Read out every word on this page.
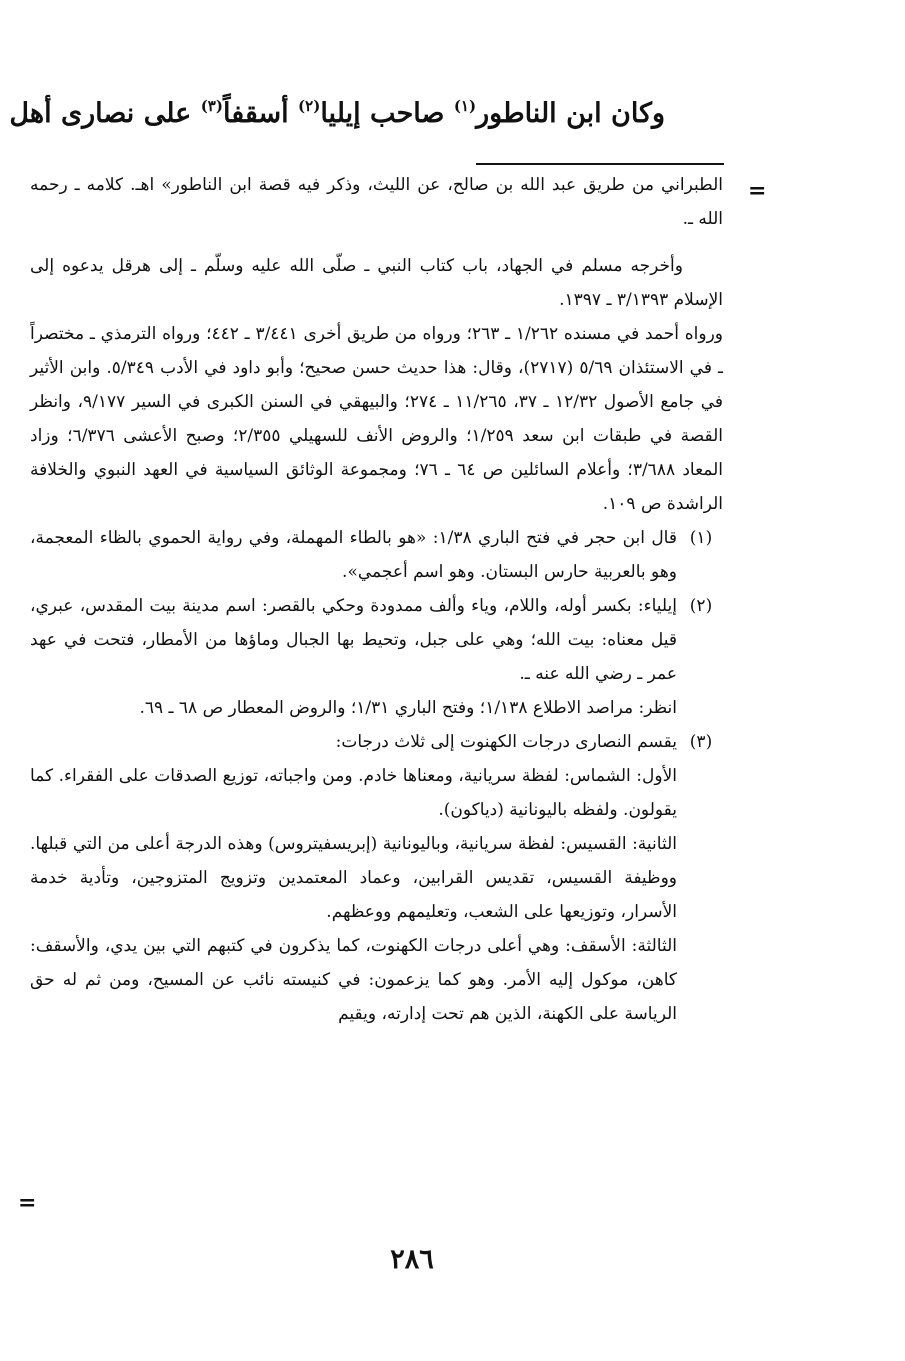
وكان ابن الناطور$^{(١)}$ صاحب إيليا$^{(٢)}$ أسقفاً$^{(٣)}$ على نصارى أهل
=

الطبراني من طريق عبد الله بن صالح، عن الليث، وذكر فيه قصة ابن الناطور» اهـ. كلامه ـ رحمه الله ـ.

وأخرجه مسلم في الجهاد، باب كتاب النبي ـ صلّى الله عليه وسلّم ـ إلى هرقل يدعوه إلى الإسلام ٣/١٣٩٣ ـ ١٣٩٧.

ورواه أحمد في مسنده ١/٢٦٢ ـ ٢٦٣؛ ورواه من طريق أخرى ٣/٤٤١ ـ ٤٤٢؛ ورواه الترمذي ـ مختصراً ـ في الاستئذان ٥/٦٩ (٢٧١٧)، وقال: هذا حديث حسن صحيح؛ وأبو داود في الأدب ٥/٣٤٩. وابن الأثير في جامع الأصول ١٢/٣٢ ـ ٣٧، ١١/٢٦٥ ـ ٢٧٤؛ والبيهقي في السنن الكبرى في السير ٩/١٧٧، وانظر القصة في طبقات ابن سعد ١/٢٥٩؛ والروض الأنف للسهيلي ٢/٣٥٥؛ وصبح الأعشى ٦/٣٧٦؛ وزاد المعاد ٣/٦٨٨؛ وأعلام السائلين ص ٦٤ ـ ٧٦؛ ومجموعة الوثائق السياسية في العهد النبوي والخلافة الراشدة ص ١٠٩.

(١)

قال ابن حجر في فتح الباري ١/٣٨: «هو بالطاء المهملة، وفي رواية الحموي بالظاء المعجمة، وهو بالعربية حارس البستان. وهو اسم أعجمي».

(٢)

إيلياء: بكسر أوله، واللام، وياء وألف ممدودة وحكي بالقصر: اسم مدينة بيت المقدس، عبري، قيل معناه: بيت الله؛ وهي على جبل، وتحيط بها الجبال وماؤها من الأمطار، فتحت في عهد عمر ـ رضي الله عنه ـ.

انظر: مراصد الاطلاع ١/١٣٨؛ وفتح الباري ١/٣١؛ والروض المعطار ص ٦٨ ـ ٦٩.

(٣)

يقسم النصارى درجات الكهنوت إلى ثلاث درجات:

الأول: الشماس: لفظة سريانية، ومعناها خادم. ومن واجباته، توزيع الصدقات على الفقراء. كما يقولون. ولفظه باليونانية (دياكون).

الثانية: القسيس: لفظة سريانية، وباليونانية (إبريسفيتروس) وهذه الدرجة أعلى من التي قبلها. ووظيفة القسيس، تقديس القرابين، وعماد المعتمدين وتزويج المتزوجين، وتأدية خدمة الأسرار، وتوزيعها على الشعب، وتعليمهم ووعظهم.

الثالثة: الأسقف: وهي أعلى درجات الكهنوت، كما يذكرون في كتبهم التي بين يدي، والأسقف: كاهن، موكول إليه الأمر. وهو كما يزعمون: في كنيسته نائب عن المسيح، ومن ثم له حق الرياسة على الكهنة، الذين هم تحت إدارته، ويقيم

=
٢٨٦
